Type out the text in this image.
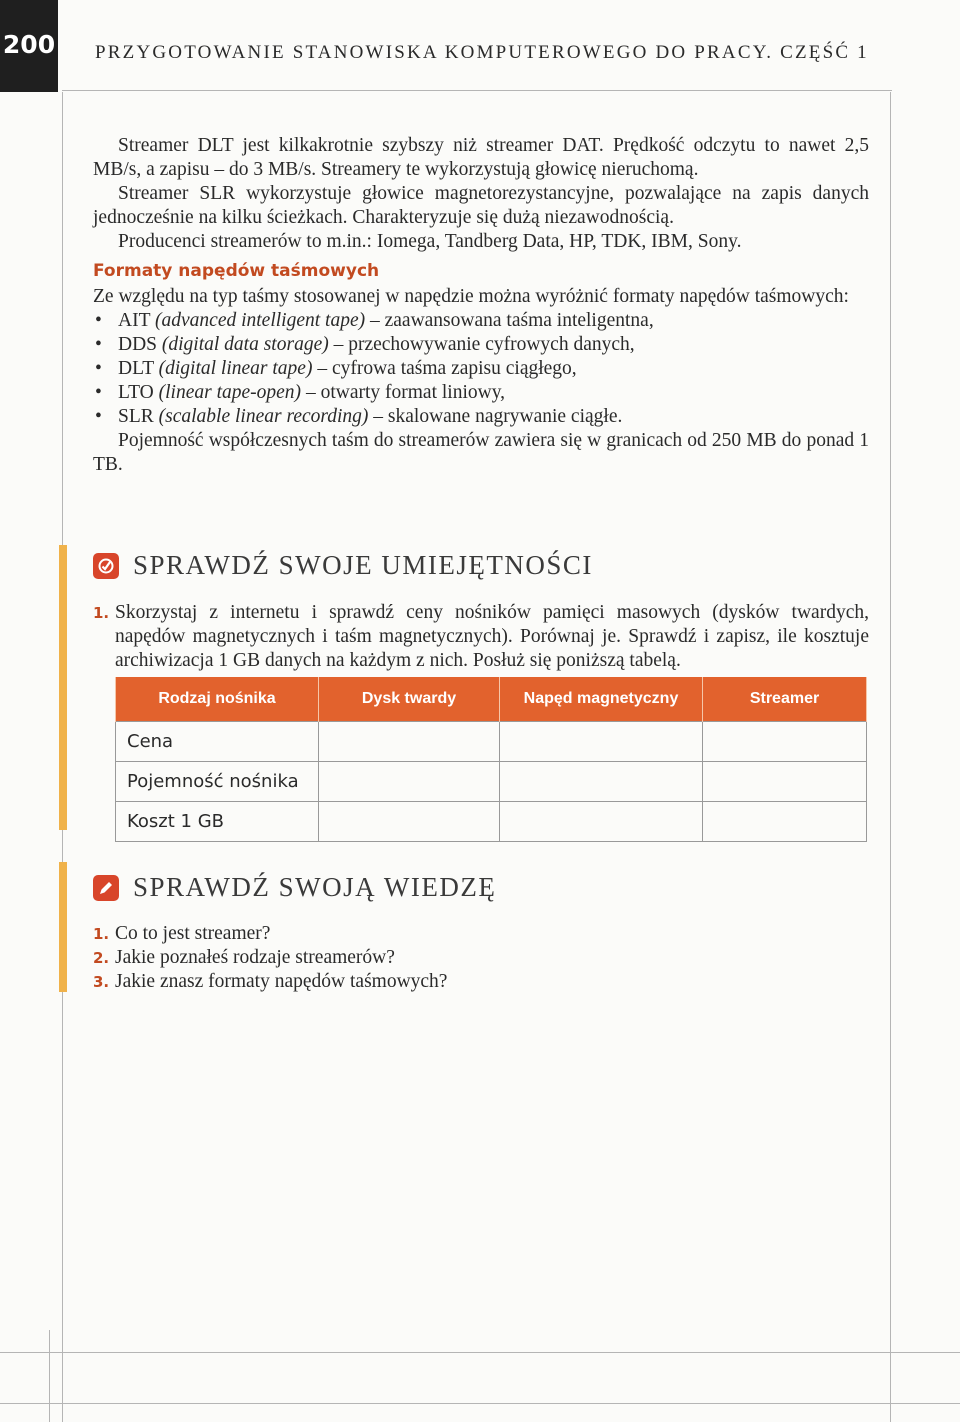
200 PRZYGOTOWANIE STANOWISKA KOMPUTEROWEGO DO PRACY. CZĘŚĆ 1

Streamer DLT jest kilkakrotnie szybszy niż streamer DAT. Prędkość odczytu to nawet 2,5 MB/s, a zapisu – do 3 MB/s. Streamery te wykorzystują głowicę nieruchomą.

Streamer SLR wykorzystuje głowice magnetorezystancyjne, pozwalające na zapis danych jednocześnie na kilku ścieżkach. Charakteryzuje się dużą niezawodnością.

Producenci streamerów to m.in.: Iomega, Tandberg Data, HP, TDK, IBM, Sony.

Formaty napędów taśmowych
Ze względu na typ taśmy stosowanej w napędzie można wyróżnić formaty napędów taśmowych:
• AIT (advanced intelligent tape) – zaawansowana taśma inteligentna,
• DDS (digital data storage) – przechowywanie cyfrowych danych,
• DLT (digital linear tape) – cyfrowa taśma zapisu ciągłego,
• LTO (linear tape-open) – otwarty format liniowy,
• SLR (scalable linear recording) – skalowane nagrywanie ciągłe.

Pojemność współczesnych taśm do streamerów zawiera się w granicach od 250 MB do ponad 1 TB.

SPRAWDŹ SWOJE UMIEJĘTNOŚCI
1. Skorzystaj z internetu i sprawdź ceny nośników pamięci masowych (dysków twardych, napędów magnetycznych i taśm magnetycznych). Porównaj je. Sprawdź i zapisz, ile kosztuje archiwizacja 1 GB danych na każdym z nich. Posłuż się poniższą tabelą.
Rodzaj nośnika	Dysk twardy	Napęd magnetyczny	Streamer
Cena			
Pojemność nośnika			
Koszt 1 GB			
SPRAWDŹ SWOJĄ WIEDZĘ
1. Co to jest streamer?
2. Jakie poznałeś rodzaje streamerów?
3. Jakie znasz formaty napędów taśmowych?
